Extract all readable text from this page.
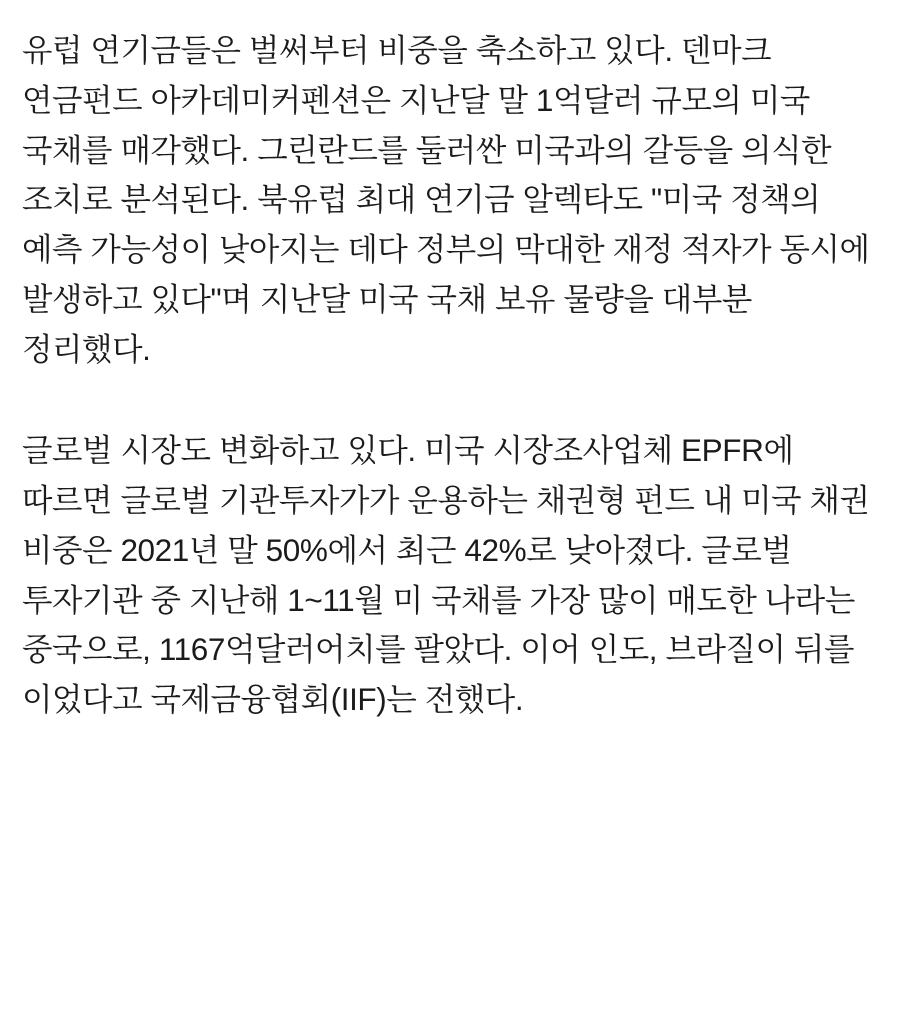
유럽 연기금들은 벌써부터 비중을 축소하고 있다. 덴마크 연금펀드 아카데미커펜션은 지난달 말 1억달러 규모의 미국 국채를 매각했다. 그린란드를 둘러싼 미국과의 갈등을 의식한 조치로 분석된다. 북유럽 최대 연기금 알렉타도 "미국 정책의 예측 가능성이 낮아지는 데다 정부의 막대한 재정 적자가 동시에 발생하고 있다"며 지난달 미국 국채 보유 물량을 대부분 정리했다.

글로벌 시장도 변화하고 있다. 미국 시장조사업체 EPFR에 따르면 글로벌 기관투자가가 운용하는 채권형 펀드 내 미국 채권 비중은 2021년 말 50%에서 최근 42%로 낮아졌다. 글로벌 투자기관 중 지난해 1~11월 미 국채를 가장 많이 매도한 나라는 중국으로, 1167억달러어치를 팔았다. 이어 인도, 브라질이 뒤를 이었다고 국제금융협회(IIF)는 전했다.
